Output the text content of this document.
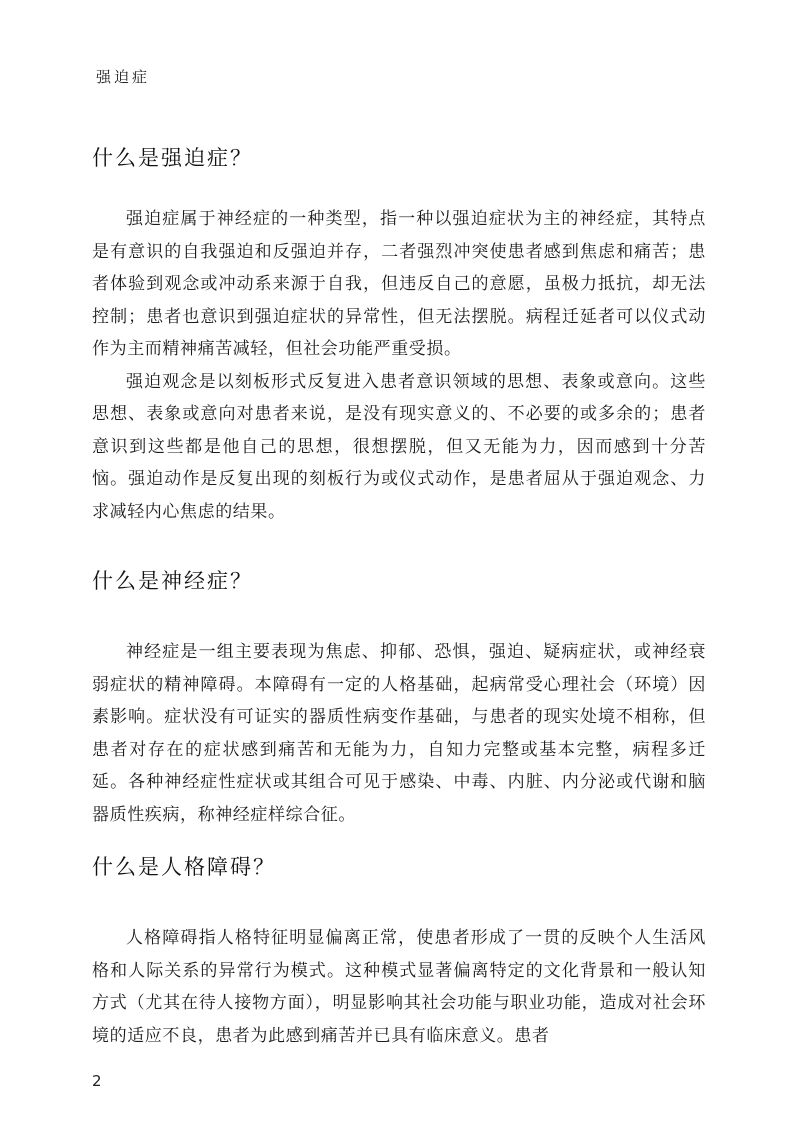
强迫症
什么是强迫症？

强迫症属于神经症的一种类型，指一种以强迫症状为主的神经症，其特点是有意识的自我强迫和反强迫并存，二者强烈冲突使患者感到焦虑和痛苦；患者体验到观念或冲动系来源于自我，但违反自己的意愿，虽极力抵抗，却无法控制；患者也意识到强迫症状的异常性，但无法摆脱。病程迁延者可以仪式动作为主而精神痛苦减轻，但社会功能严重受损。

强迫观念是以刻板形式反复进入患者意识领域的思想、表象或意向。这些思想、表象或意向对患者来说，是没有现实意义的、不必要的或多余的；患者意识到这些都是他自己的思想，很想摆脱，但又无能为力，因而感到十分苦恼。强迫动作是反复出现的刻板行为或仪式动作，是患者屈从于强迫观念、力求减轻内心焦虑的结果。

什么是神经症？

神经症是一组主要表现为焦虑、抑郁、恐惧，强迫、疑病症状，或神经衰弱症状的精神障碍。本障碍有一定的人格基础，起病常受心理社会（环境）因素影响。症状没有可证实的器质性病变作基础，与患者的现实处境不相称，但患者对存在的症状感到痛苦和无能为力，自知力完整或基本完整，病程多迁延。各种神经症性症状或其组合可见于感染、中毒、内脏、内分泌或代谢和脑器质性疾病，称神经症样综合征。

什么是人格障碍？

人格障碍指人格特征明显偏离正常，使患者形成了一贯的反映个人生活风格和人际关系的异常行为模式。这种模式显著偏离特定的文化背景和一般认知方式（尤其在待人接物方面），明显影响其社会功能与职业功能，造成对社会环境的适应不良，患者为此感到痛苦并已具有临床意义。患者

2
